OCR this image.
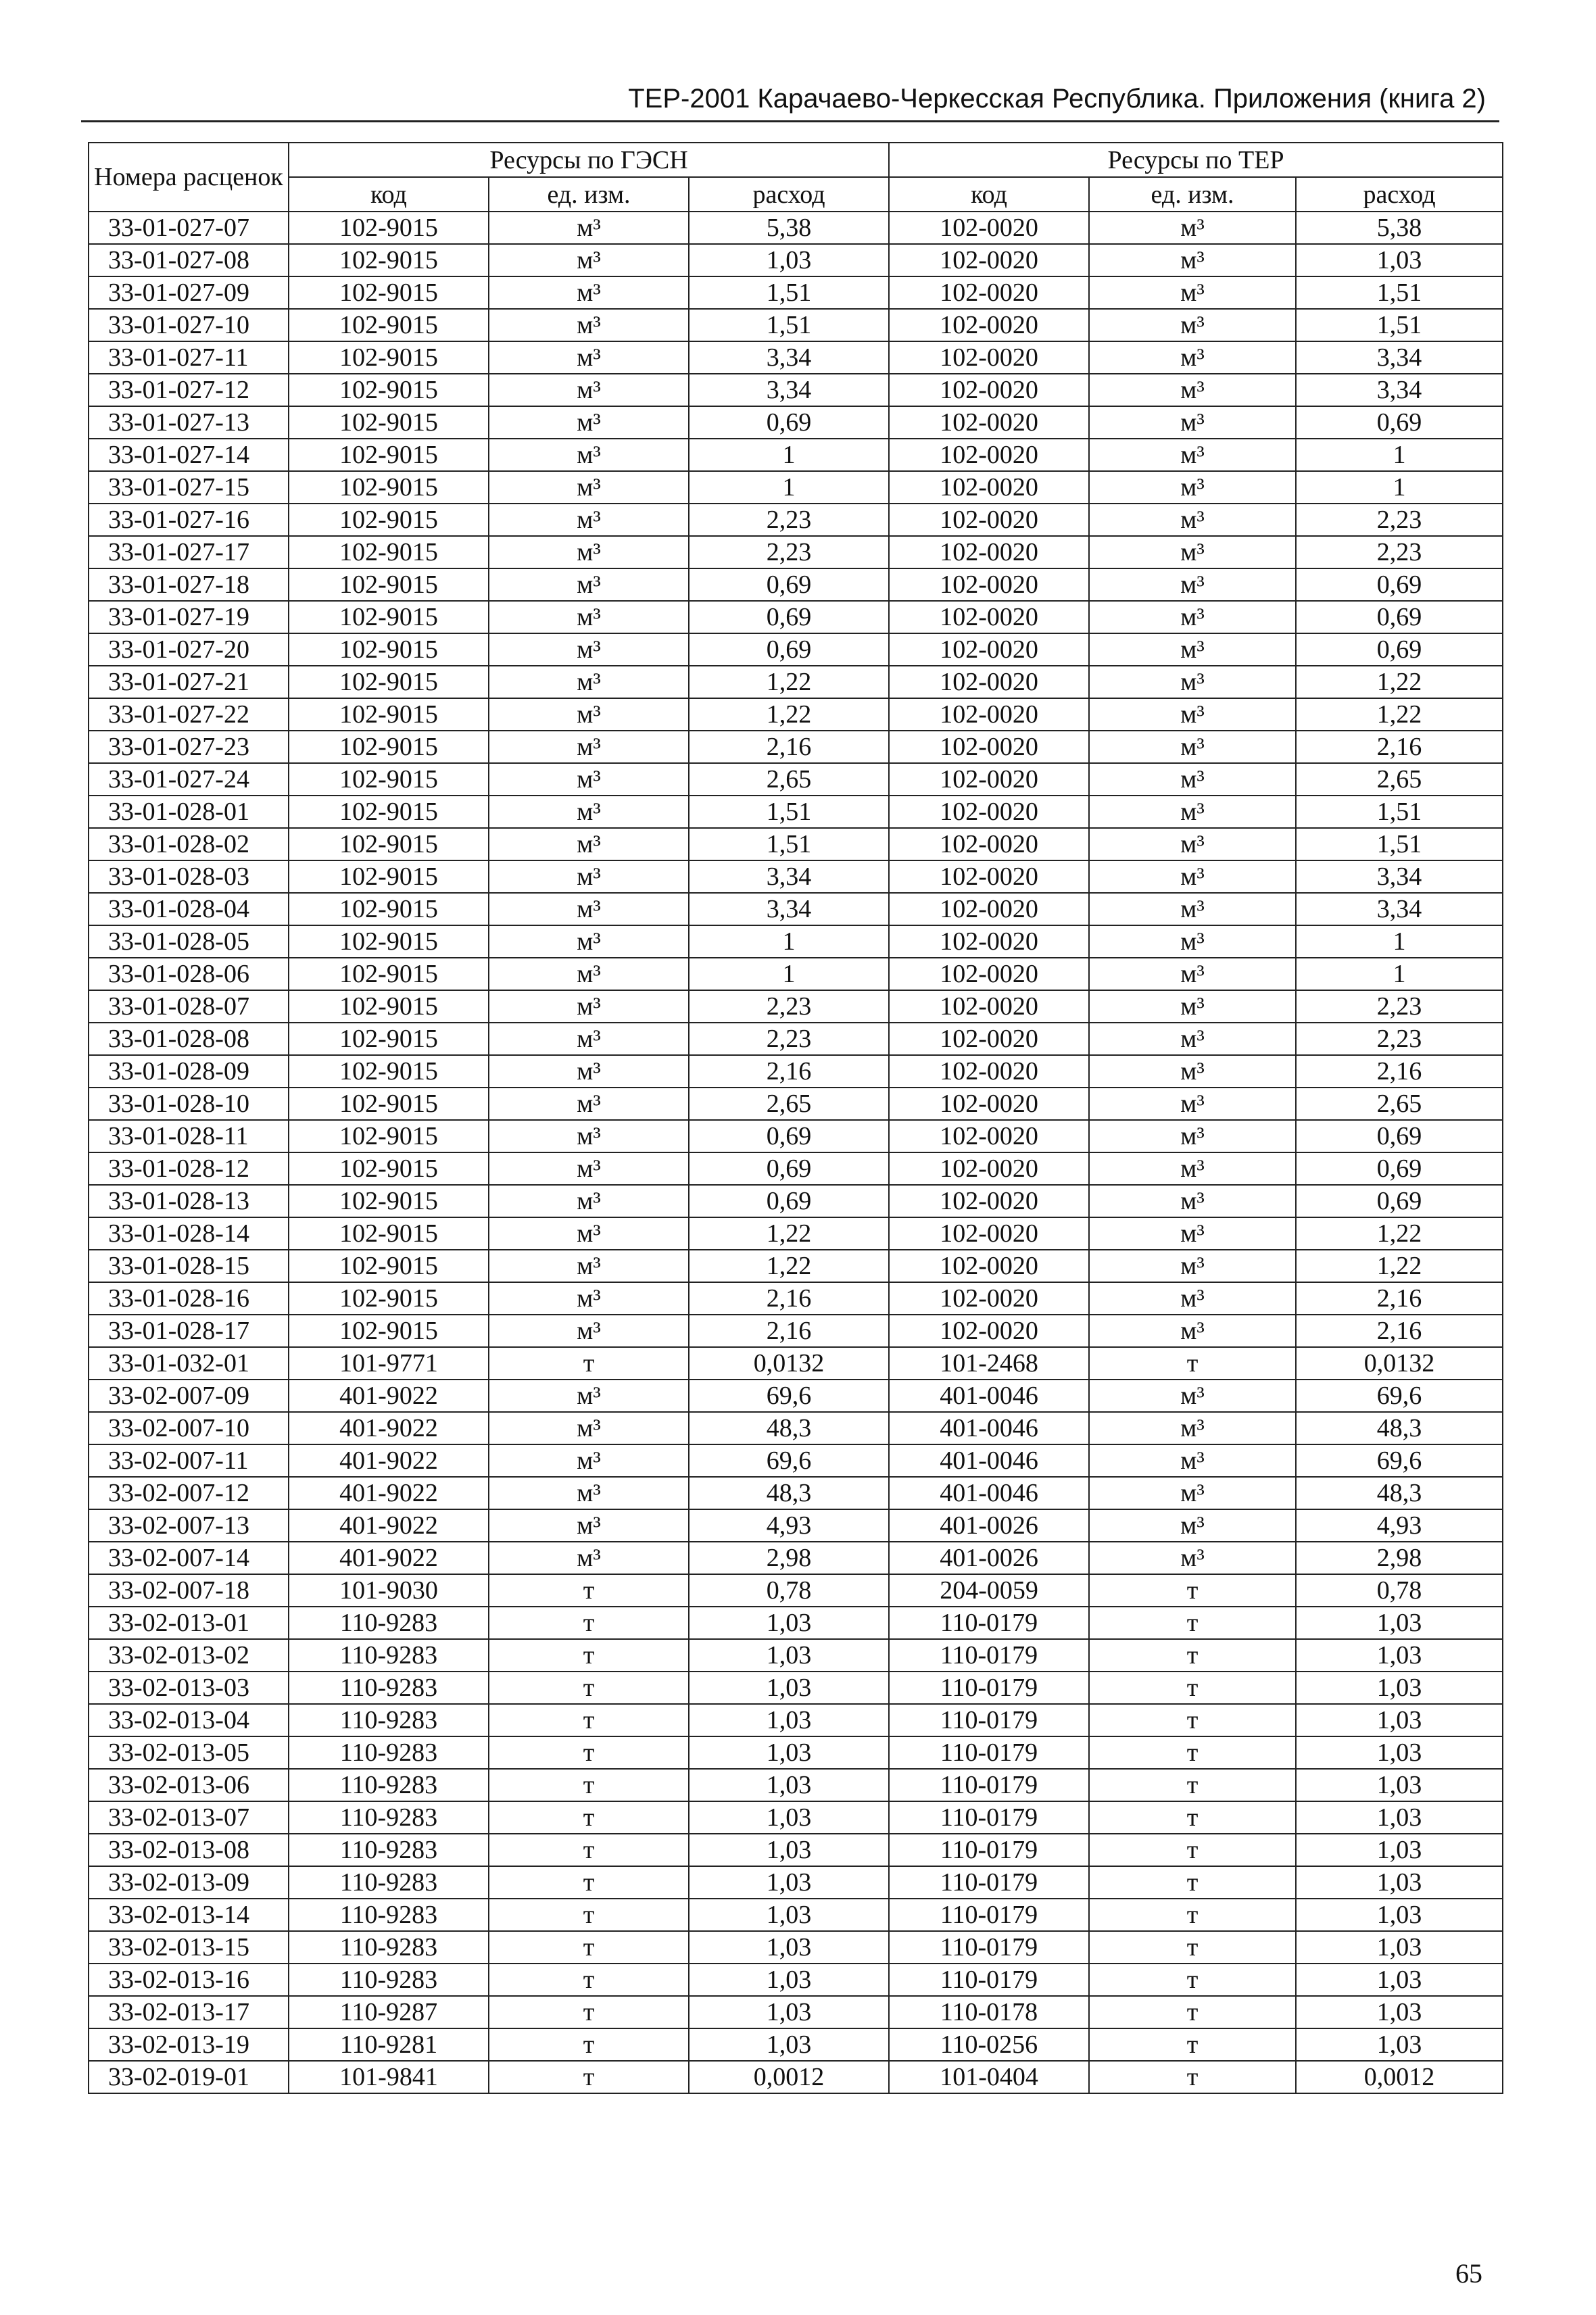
ТЕР-2001 Карачаево-Черкесская Республика. Приложения (книга 2)
Номера расценок	Ресурсы по ГЭСН			Ресурсы по ТЕР		
	код	ед. изм.	расход	код	ед. изм.	расход
33-01-027-07	102-9015	м³	5,38	102-0020	м³	5,38
33-01-027-08	102-9015	м³	1,03	102-0020	м³	1,03
33-01-027-09	102-9015	м³	1,51	102-0020	м³	1,51
33-01-027-10	102-9015	м³	1,51	102-0020	м³	1,51
33-01-027-11	102-9015	м³	3,34	102-0020	м³	3,34
33-01-027-12	102-9015	м³	3,34	102-0020	м³	3,34
33-01-027-13	102-9015	м³	0,69	102-0020	м³	0,69
33-01-027-14	102-9015	м³	1	102-0020	м³	1
33-01-027-15	102-9015	м³	1	102-0020	м³	1
33-01-027-16	102-9015	м³	2,23	102-0020	м³	2,23
33-01-027-17	102-9015	м³	2,23	102-0020	м³	2,23
33-01-027-18	102-9015	м³	0,69	102-0020	м³	0,69
33-01-027-19	102-9015	м³	0,69	102-0020	м³	0,69
33-01-027-20	102-9015	м³	0,69	102-0020	м³	0,69
33-01-027-21	102-9015	м³	1,22	102-0020	м³	1,22
33-01-027-22	102-9015	м³	1,22	102-0020	м³	1,22
33-01-027-23	102-9015	м³	2,16	102-0020	м³	2,16
33-01-027-24	102-9015	м³	2,65	102-0020	м³	2,65
33-01-028-01	102-9015	м³	1,51	102-0020	м³	1,51
33-01-028-02	102-9015	м³	1,51	102-0020	м³	1,51
33-01-028-03	102-9015	м³	3,34	102-0020	м³	3,34
33-01-028-04	102-9015	м³	3,34	102-0020	м³	3,34
33-01-028-05	102-9015	м³	1	102-0020	м³	1
33-01-028-06	102-9015	м³	1	102-0020	м³	1
33-01-028-07	102-9015	м³	2,23	102-0020	м³	2,23
33-01-028-08	102-9015	м³	2,23	102-0020	м³	2,23
33-01-028-09	102-9015	м³	2,16	102-0020	м³	2,16
33-01-028-10	102-9015	м³	2,65	102-0020	м³	2,65
33-01-028-11	102-9015	м³	0,69	102-0020	м³	0,69
33-01-028-12	102-9015	м³	0,69	102-0020	м³	0,69
33-01-028-13	102-9015	м³	0,69	102-0020	м³	0,69
33-01-028-14	102-9015	м³	1,22	102-0020	м³	1,22
33-01-028-15	102-9015	м³	1,22	102-0020	м³	1,22
33-01-028-16	102-9015	м³	2,16	102-0020	м³	2,16
33-01-028-17	102-9015	м³	2,16	102-0020	м³	2,16
33-01-032-01	101-9771	т	0,0132	101-2468	т	0,0132
33-02-007-09	401-9022	м³	69,6	401-0046	м³	69,6
33-02-007-10	401-9022	м³	48,3	401-0046	м³	48,3
33-02-007-11	401-9022	м³	69,6	401-0046	м³	69,6
33-02-007-12	401-9022	м³	48,3	401-0046	м³	48,3
33-02-007-13	401-9022	м³	4,93	401-0026	м³	4,93
33-02-007-14	401-9022	м³	2,98	401-0026	м³	2,98
33-02-007-18	101-9030	т	0,78	204-0059	т	0,78
33-02-013-01	110-9283	т	1,03	110-0179	т	1,03
33-02-013-02	110-9283	т	1,03	110-0179	т	1,03
33-02-013-03	110-9283	т	1,03	110-0179	т	1,03
33-02-013-04	110-9283	т	1,03	110-0179	т	1,03
33-02-013-05	110-9283	т	1,03	110-0179	т	1,03
33-02-013-06	110-9283	т	1,03	110-0179	т	1,03
33-02-013-07	110-9283	т	1,03	110-0179	т	1,03
33-02-013-08	110-9283	т	1,03	110-0179	т	1,03
33-02-013-09	110-9283	т	1,03	110-0179	т	1,03
33-02-013-14	110-9283	т	1,03	110-0179	т	1,03
33-02-013-15	110-9283	т	1,03	110-0179	т	1,03
33-02-013-16	110-9283	т	1,03	110-0179	т	1,03
33-02-013-17	110-9287	т	1,03	110-0178	т	1,03
33-02-013-19	110-9281	т	1,03	110-0256	т	1,03
33-02-019-01	101-9841	т	0,0012	101-0404	т	0,0012
65
